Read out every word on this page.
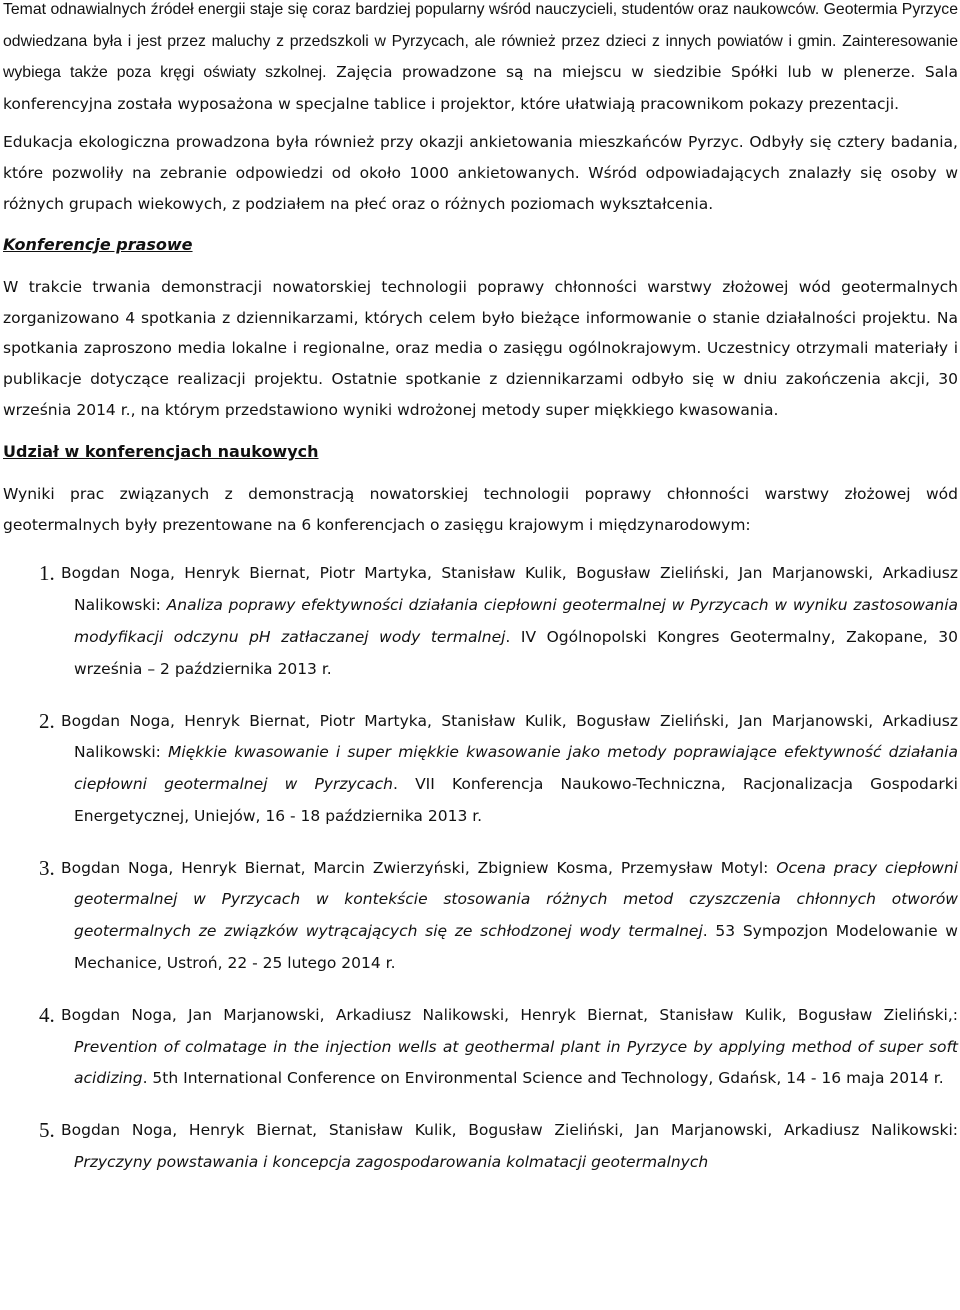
Temat odnawialnych źródeł energii staje się coraz bardziej popularny wśród nauczycieli, studentów oraz naukowców. Geotermia Pyrzyce odwiedzana była i jest przez maluchy z przedszkoli w Pyrzycach, ale również przez dzieci z innych powiatów i gmin. Zainteresowanie wybiega także poza kręgi oświaty szkolnej. Zajęcia prowadzone są na miejscu w siedzibie Spółki lub w plenerze. Sala konferencyjna została wyposażona w specjalne tablice i projektor, które ułatwiają pracownikom pokazy prezentacji.

Edukacja ekologiczna prowadzona była również przy okazji ankietowania mieszkańców Pyrzyc. Odbyły się cztery badania, które pozwoliły na zebranie odpowiedzi od około 1000 ankietowanych. Wśród odpowiadających znalazły się osoby w różnych grupach wiekowych, z podziałem na płeć oraz o różnych poziomach wykształcenia.

Konferencje prasowe

W trakcie trwania demonstracji nowatorskiej technologii poprawy chłonności warstwy złożowej wód geotermalnych zorganizowano 4 spotkania z dziennikarzami, których celem było bieżące informowanie o stanie działalności projektu. Na spotkania zaproszono media lokalne i regionalne, oraz media o zasięgu ogólnokrajowym. Uczestnicy otrzymali materiały i publikacje dotyczące realizacji projektu. Ostatnie spotkanie z dziennikarzami odbyło się w dniu zakończenia akcji, 30 września 2014 r., na którym przedstawiono wyniki wdrożonej metody super miękkiego kwasowania.

Udział w konferencjach naukowych

Wyniki prac związanych z demonstracją nowatorskiej technologii poprawy chłonności warstwy złożowej wód geotermalnych były prezentowane na 6 konferencjach o zasięgu krajowym i międzynarodowym:

1. Bogdan Noga, Henryk Biernat, Piotr Martyka, Stanisław Kulik, Bogusław Zieliński, Jan Marjanowski, Arkadiusz Nalikowski: Analiza poprawy efektywności działania ciepłowni geotermalnej w Pyrzycach w wyniku zastosowania modyfikacji odczynu pH zatłaczanej wody termalnej. IV Ogólnopolski Kongres Geotermalny, Zakopane, 30 września – 2 października 2013 r.
2. Bogdan Noga, Henryk Biernat, Piotr Martyka, Stanisław Kulik, Bogusław Zieliński, Jan Marjanowski, Arkadiusz Nalikowski: Miękkie kwasowanie i super miękkie kwasowanie jako metody poprawiające efektywność działania ciepłowni geotermalnej w Pyrzycach. VII Konferencja Naukowo-Techniczna, Racjonalizacja Gospodarki Energetycznej, Uniejów, 16 - 18 października 2013 r.
3. Bogdan Noga, Henryk Biernat, Marcin Zwierzyński, Zbigniew Kosma, Przemysław Motyl: Ocena pracy ciepłowni geotermalnej w Pyrzycach w kontekście stosowania różnych metod czyszczenia chłonnych otworów geotermalnych ze związków wytrącających się ze schłodzonej wody termalnej. 53 Sympozjon Modelowanie w Mechanice, Ustroń, 22 - 25 lutego 2014 r.
4. Bogdan Noga, Jan Marjanowski, Arkadiusz Nalikowski, Henryk Biernat, Stanisław Kulik, Bogusław Zieliński,: Prevention of colmatage in the injection wells at geothermal plant in Pyrzyce by applying method of super soft acidizing. 5th International Conference on Environmental Science and Technology, Gdańsk, 14 - 16 maja 2014 r.
5. Bogdan Noga, Henryk Biernat, Stanisław Kulik, Bogusław Zieliński, Jan Marjanowski, Arkadiusz Nalikowski: Przyczyny powstawania i koncepcja zagospodarowania kolmatacji geotermalnych
